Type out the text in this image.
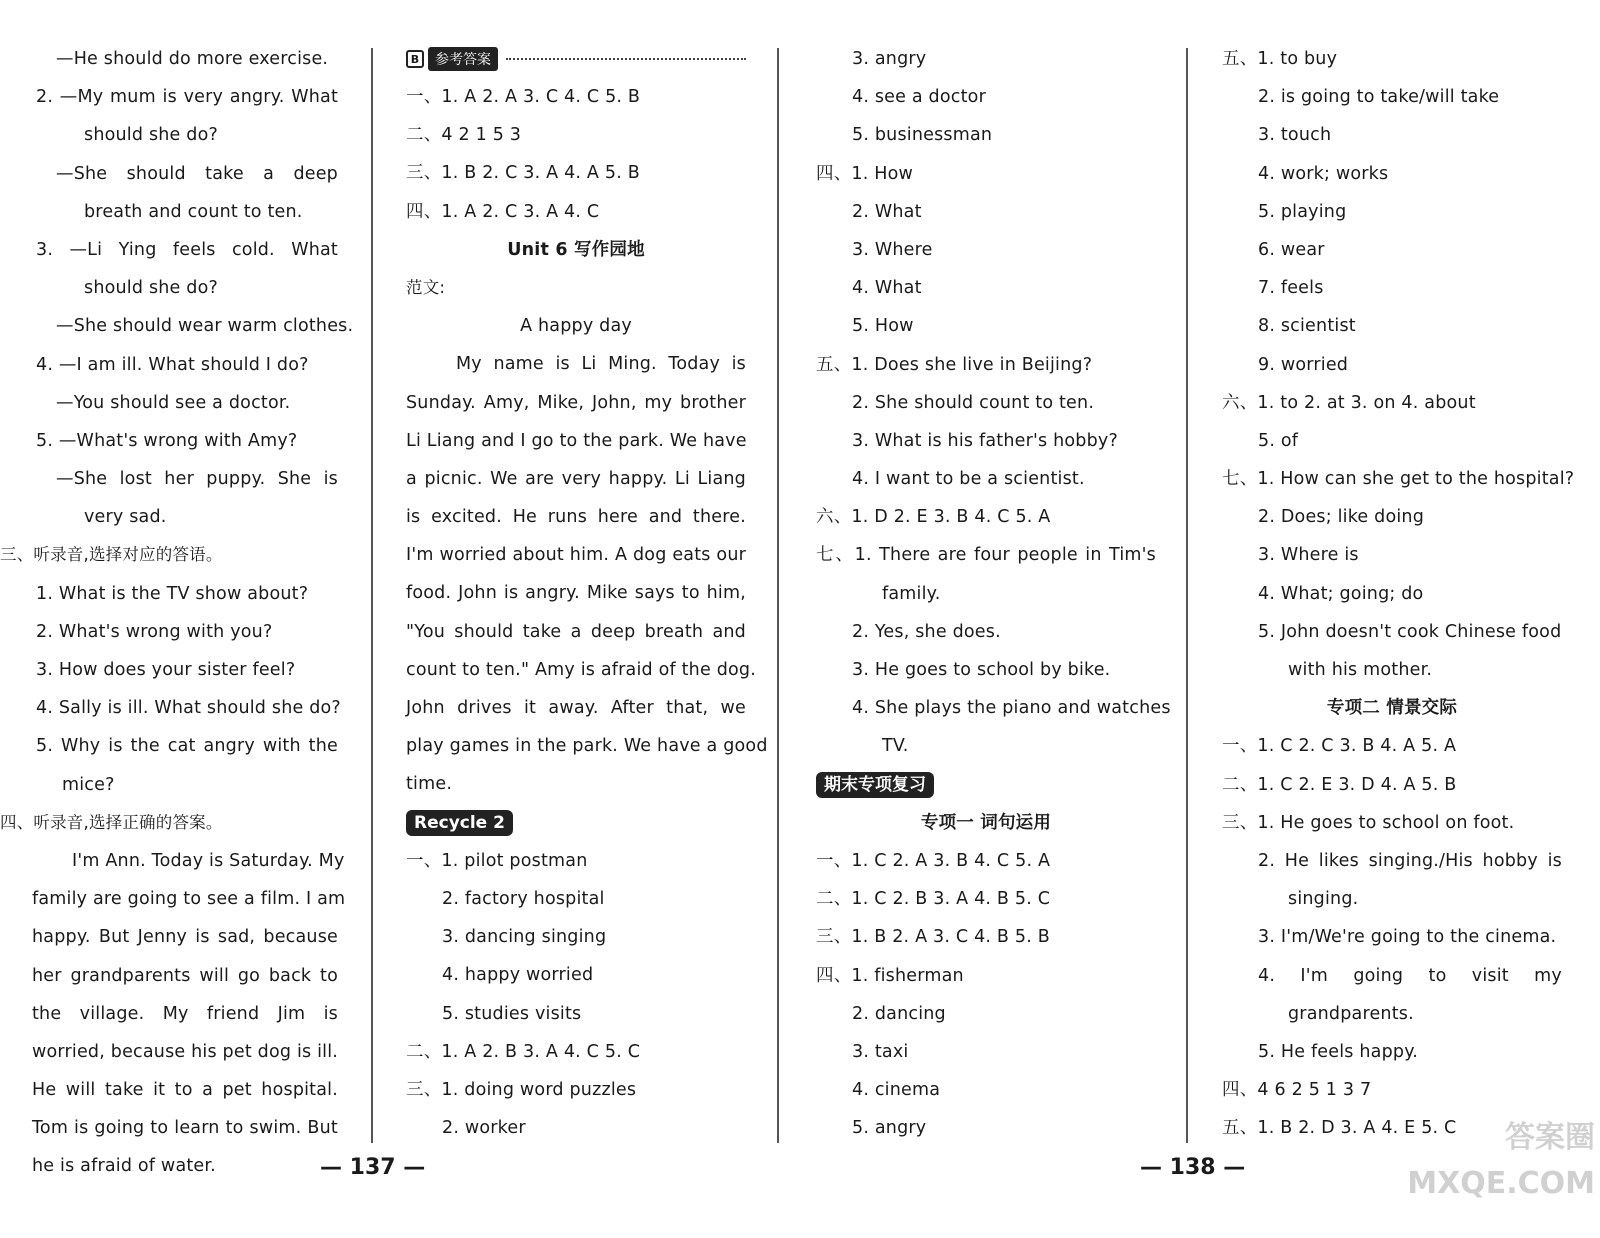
—He should do more exercise.
2. —My mum is very angry. What
should she do?
—She should take a deep
breath and count to ten.
3. —Li Ying feels cold. What
should she do?
—She should wear warm clothes.
4. —I am ill. What should I do?
—You should see a doctor.
5. —What's wrong with Amy?
—She lost her puppy. She is
very sad.
三、听录音,选择对应的答语。
1. What is the TV show about?
2. What's wrong with you?
3. How does your sister feel?
4. Sally is ill. What should she do?
5. Why is the cat angry with the
mice?
四、听录音,选择正确的答案。
I'm Ann. Today is Saturday. My
family are going to see a film. I am
happy. But Jenny is sad, because
her grandparents will go back to
the village. My friend Jim is
worried, because his pet dog is ill.
He will take it to a pet hospital.
Tom is going to learn to swim. But
he is afraid of water.
B	参考答案
一、1. A 2. A 3. C 4. C 5. B
二、4 2 1 5 3
三、1. B 2. C 3. A 4. A 5. B
四、1. A 2. C 3. A 4. C
Unit 6 写作园地
范文:
A happy day
My name is Li Ming. Today is
Sunday. Amy, Mike, John, my brother
Li Liang and I go to the park. We have
a picnic. We are very happy. Li Liang
is excited. He runs here and there.
I'm worried about him. A dog eats our
food. John is angry. Mike says to him,
"You should take a deep breath and
count to ten." Amy is afraid of the dog.
John drives it away. After that, we
play games in the park. We have a good
time.
Recycle 2
一、1. pilot postman
2. factory hospital
3. dancing singing
4. happy worried
5. studies visits
二、1. A 2. B 3. A 4. C 5. C
三、1. doing word puzzles
2. worker
3. angry
4. see a doctor
5. businessman
四、1. How
2. What
3. Where
4. What
5. How
五、1. Does she live in Beijing?
2. She should count to ten.
3. What is his father's hobby?
4. I want to be a scientist.
六、1. D 2. E 3. B 4. C 5. A
七、1. There are four people in Tim's
family.
2. Yes, she does.
3. He goes to school by bike.
4. She plays the piano and watches
TV.
期末专项复习
专项一 词句运用
一、1. C 2. A 3. B 4. C 5. A
二、1. C 2. B 3. A 4. B 5. C
三、1. B 2. A 3. C 4. B 5. B
四、1. fisherman
2. dancing
3. taxi
4. cinema
5. angry
五、1. to buy
2. is going to take/will take
3. touch
4. work; works
5. playing
6. wear
7. feels
8. scientist
9. worried
六、1. to 2. at 3. on 4. about
5. of
七、1. How can she get to the hospital?
2. Does; like doing
3. Where is
4. What; going; do
5. John doesn't cook Chinese food
with his mother.
专项二 情景交际
一、1. C 2. C 3. B 4. A 5. A
二、1. C 2. E 3. D 4. A 5. B
三、1. He goes to school on foot.
2. He likes singing./His hobby is
singing.
3. I'm/We're going to the cinema.
4. I'm going to visit my
grandparents.
5. He feels happy.
四、4 6 2 5 1 3 7
五、1. B 2. D 3. A 4. E 5. C
— 137 —	— 138 —
答案圈 MXQE.COM
